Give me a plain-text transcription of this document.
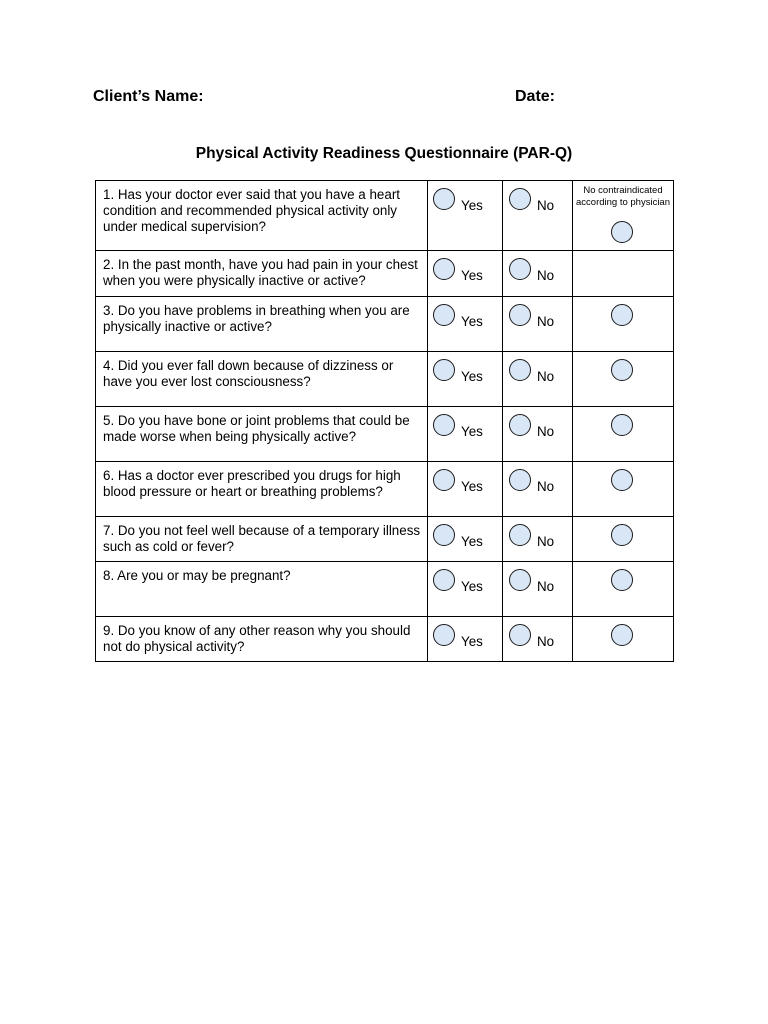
Client’s Name:	Date:
Physical Activity Readiness Questionnaire (PAR-Q)
1. Has your doctor ever said that you have a heart condition and recommended physical activity only under medical supervision?	Yes	No	No contraindicated according to physician

2. In the past month, have you had pain in your chest when you were physically inactive or active?	Yes	No	

3. Do you have problems in breathing when you are physically inactive or active?	Yes	No	

4. Did you ever fall down because of dizziness or have you ever lost consciousness?	Yes	No	

5. Do you have bone or joint problems that could be made worse when being physically active?	Yes	No	

6. Has a doctor ever prescribed you drugs for high blood pressure or heart or breathing problems?	Yes	No	

7. Do you not feel well because of a temporary illness such as cold or fever?	Yes	No	

8. Are you or may be pregnant?	Yes	No	

9. Do you know of any other reason why you should not do physical activity?	Yes	No	
